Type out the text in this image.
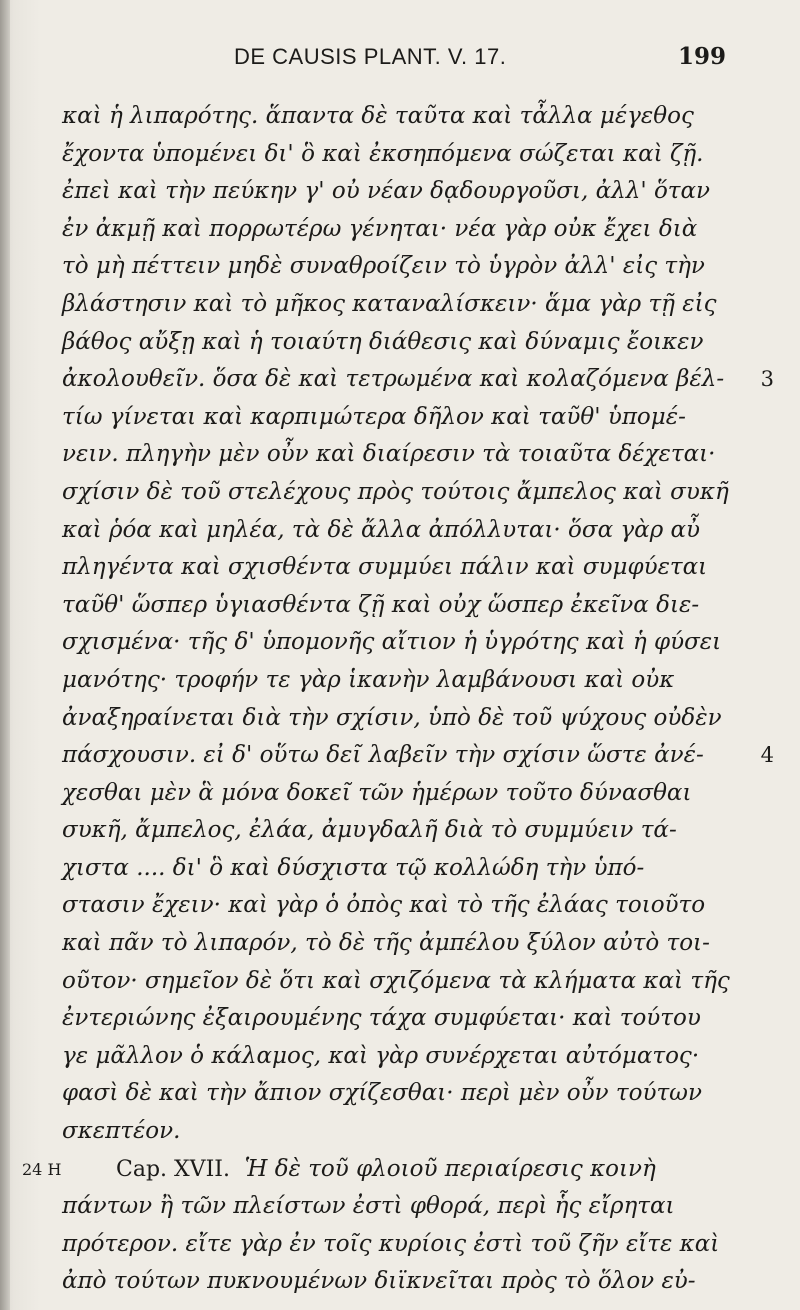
DE CAUSIS PLANT. V. 17.	199
καὶ ἡ λιπαρότης. ἅπαντα δὲ ταῦτα καὶ τἆλλα μέγεθος
ἔχοντα ὑπομένει δι' ὃ καὶ ἐκσηπόμενα σώζεται καὶ ζῇ.
ἐπεὶ καὶ τὴν πεύκην γ' οὐ νέαν δᾳδουργοῦσι, ἀλλ' ὅταν
ἐν ἀκμῇ καὶ πορρωτέρω γένηται· νέα γὰρ οὐκ ἔχει διὰ
τὸ μὴ πέττειν μηδὲ συναθροίζειν τὸ ὑγρὸν ἀλλ' εἰς τὴν
βλάστησιν καὶ τὸ μῆκος καταναλίσκειν· ἅμα γὰρ τῇ εἰς
βάθος αὔξῃ καὶ ἡ τοιαύτη διάθεσις καὶ δύναμις ἔοικεν
ἀκολουθεῖν. ὅσα δὲ καὶ τετρωμένα καὶ κολαζόμενα βέλ- 3
τίω γίνεται καὶ καρπιμώτερα δῆλον καὶ ταῦθ' ὑπομέ-
νειν. πληγὴν μὲν οὖν καὶ διαίρεσιν τὰ τοιαῦτα δέχεται·
σχίσιν δὲ τοῦ στελέχους πρὸς τούτοις ἄμπελος καὶ συκῆ
καὶ ῥόα καὶ μηλέα, τὰ δὲ ἄλλα ἀπόλλυται· ὅσα γὰρ αὖ
πληγέντα καὶ σχισθέντα συμμύει πάλιν καὶ συμφύεται
ταῦθ' ὥσπερ ὑγιασθέντα ζῇ καὶ οὐχ ὥσπερ ἐκεῖνα διε-
σχισμένα· τῆς δ' ὑπομονῆς αἴτιον ἡ ὑγρότης καὶ ἡ φύσει
μανότης· τροφήν τε γὰρ ἱκανὴν λαμβάνουσι καὶ οὐκ
ἀναξηραίνεται διὰ τὴν σχίσιν, ὑπὸ δὲ τοῦ ψύχους οὐδὲν
πάσχουσιν. εἰ δ' οὕτω δεῖ λαβεῖν τὴν σχίσιν ὥστε ἀνέ-	4
χεσθαι μὲν ἃ μόνα δοκεῖ τῶν ἡμέρων τοῦτο δύνασθαι
συκῆ, ἄμπελος, ἐλάα, ἀμυγδαλῆ διὰ τὸ συμμύειν τά-
χιστα .... δι' ὃ καὶ δύσχιστα τῷ κολλώδη τὴν ὑπό-
στασιν ἔχειν· καὶ γὰρ ὁ ὀπὸς καὶ τὸ τῆς ἐλάας τοιοῦτο
καὶ πᾶν τὸ λιπαρόν, τὸ δὲ τῆς ἀμπέλου ξύλον αὐτὸ τοι-
οῦτον· σημεῖον δὲ ὅτι καὶ σχιζόμενα τὰ κλήματα καὶ τῆς
ἐντεριώνης ἐξαιρουμένης τάχα συμφύεται· καὶ τούτου
γε μᾶλλον ὁ κάλαμος, καὶ γὰρ συνέρχεται αὐτόματος·
φασὶ δὲ καὶ τὴν ἄπιον σχίζεσθαι· περὶ μὲν οὖν τούτων
σκεπτέον.
24 H Cap. XVII. Ἡ δὲ τοῦ φλοιοῦ περιαίρεσις κοινὴ
πάντων ἢ τῶν πλείστων ἐστὶ φθορά, περὶ ἧς εἴρηται
πρότερον. εἴτε γὰρ ἐν τοῖς κυρίοις ἐστὶ τοῦ ζῆν εἴτε καὶ
ἀπὸ τούτων πυκνουμένων διϊκνεῖται πρὸς τὸ ὅλον εὐ-
